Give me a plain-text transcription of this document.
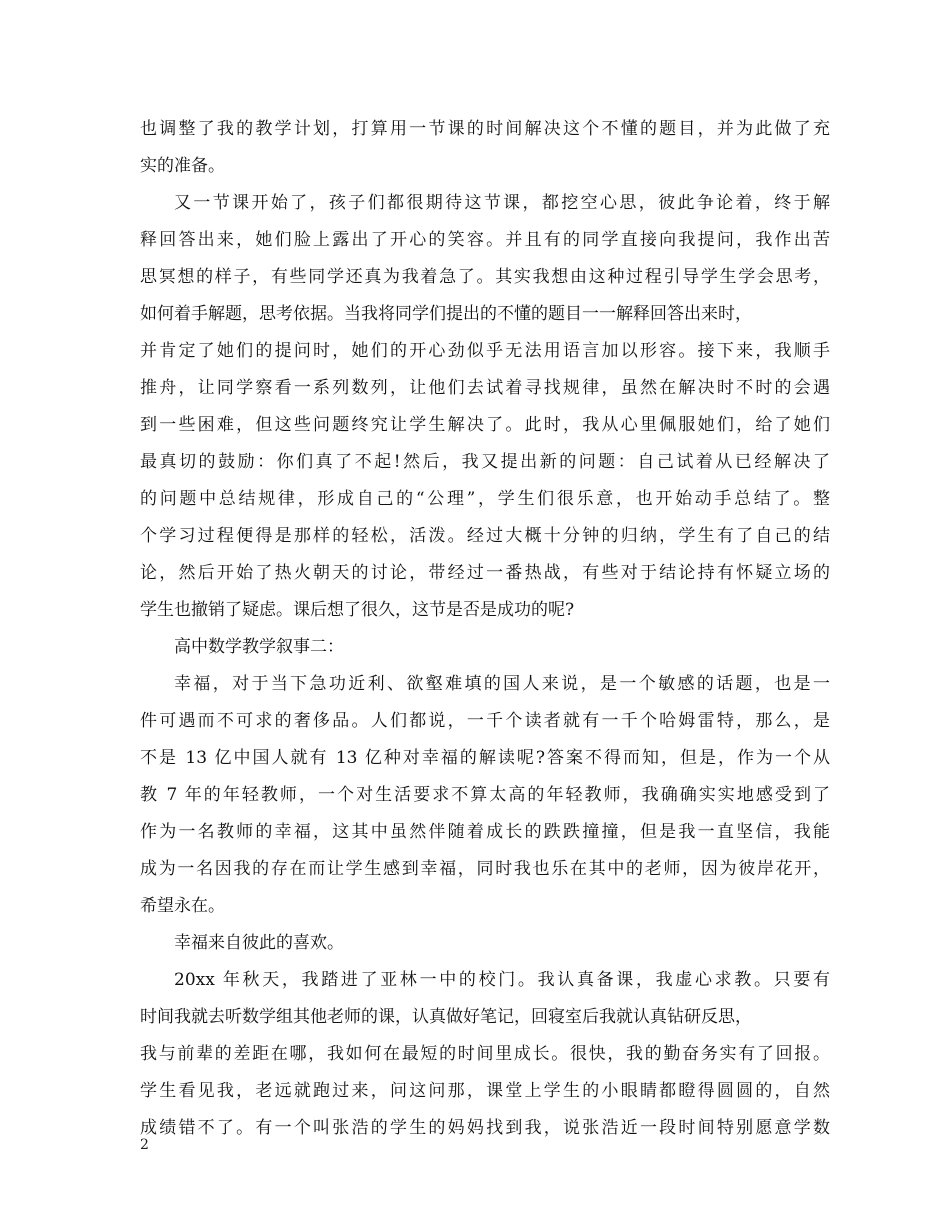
也调整了我的教学计划，打算用一节课的时间解决这个不懂的题目，并为此做了充
实的准备。
又一节课开始了，孩子们都很期待这节课，都挖空心思，彼此争论着，终于解
释回答出来，她们脸上露出了开心的笑容。并且有的同学直接向我提问，我作出苦
思冥想的样子，有些同学还真为我着急了。其实我想由这种过程引导学生学会思考，
如何着手解题，思考依据。当我将同学们提出的不懂的题目一一解释回答出来时，
并肯定了她们的提问时，她们的开心劲似乎无法用语言加以形容。接下来，我顺手
推舟，让同学察看一系列数列，让他们去试着寻找规律，虽然在解决时不时的会遇
到一些困难，但这些问题终究让学生解决了。此时，我从心里佩服她们，给了她们
最真切的鼓励：你们真了不起!然后，我又提出新的问题：自己试着从已经解决了
的问题中总结规律，形成自己的“公理”，学生们很乐意，也开始动手总结了。整
个学习过程便得是那样的轻松，活泼。经过大概十分钟的归纳，学生有了自己的结
论，然后开始了热火朝天的讨论，带经过一番热战，有些对于结论持有怀疑立场的
学生也撤销了疑虑。课后想了很久，这节是否是成功的呢?
高中数学教学叙事二：
幸福，对于当下急功近利、欲壑难填的国人来说，是一个敏感的话题，也是一
件可遇而不可求的奢侈品。人们都说，一千个读者就有一千个哈姆雷特，那么，是
不是 13 亿中国人就有 13 亿种对幸福的解读呢?答案不得而知，但是，作为一个从
教 7 年的年轻教师，一个对生活要求不算太高的年轻教师，我确确实实地感受到了
作为一名教师的幸福，这其中虽然伴随着成长的跌跌撞撞，但是我一直坚信，我能
成为一名因我的存在而让学生感到幸福，同时我也乐在其中的老师，因为彼岸花开，
希望永在。
幸福来自彼此的喜欢。
20xx 年秋天，我踏进了亚林一中的校门。我认真备课，我虚心求教。只要有
时间我就去听数学组其他老师的课，认真做好笔记，回寝室后我就认真钻研反思，
我与前辈的差距在哪，我如何在最短的时间里成长。很快，我的勤奋务实有了回报。
学生看见我，老远就跑过来，问这问那，课堂上学生的小眼睛都瞪得圆圆的，自然
成绩错不了。有一个叫张浩的学生的妈妈找到我，说张浩近一段时间特别愿意学数
2
